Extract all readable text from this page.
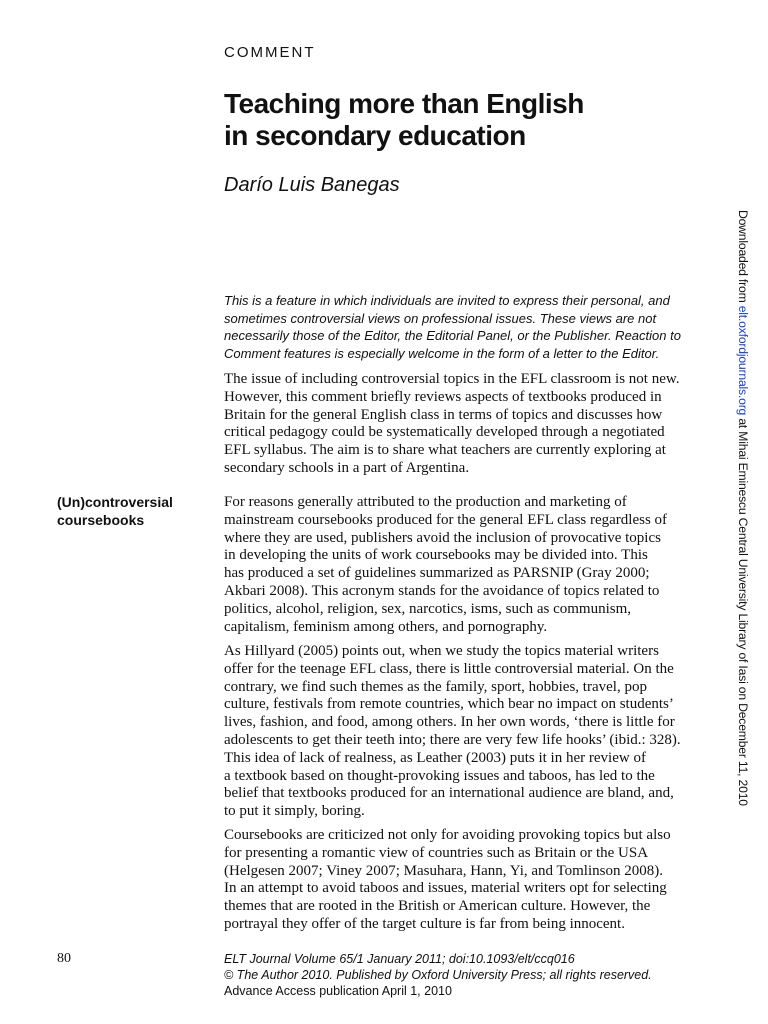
COMMENT

Teaching more than English
in secondary education

Darío Luis Banegas

This is a feature in which individuals are invited to express their personal, and
sometimes controversial views on professional issues. These views are not
necessarily those of the Editor, the Editorial Panel, or the Publisher. Reaction to
Comment features is especially welcome in the form of a letter to the Editor.
The issue of including controversial topics in the EFL classroom is not new.
However, this comment briefly reviews aspects of textbooks produced in
Britain for the general English class in terms of topics and discusses how
critical pedagogy could be systematically developed through a negotiated
EFL syllabus. The aim is to share what teachers are currently exploring at
secondary schools in a part of Argentina.
(Un)controversial
coursebooks
For reasons generally attributed to the production and marketing of
mainstream coursebooks produced for the general EFL class regardless of
where they are used, publishers avoid the inclusion of provocative topics
in developing the units of work coursebooks may be divided into. This
has produced a set of guidelines summarized as PARSNIP (Gray 2000;
Akbari 2008). This acronym stands for the avoidance of topics related to
politics, alcohol, religion, sex, narcotics, isms, such as communism,
capitalism, feminism among others, and pornography.
As Hillyard (2005) points out, when we study the topics material writers
offer for the teenage EFL class, there is little controversial material. On the
contrary, we find such themes as the family, sport, hobbies, travel, pop
culture, festivals from remote countries, which bear no impact on students’
lives, fashion, and food, among others. In her own words, ‘there is little for
adolescents to get their teeth into; there are very few life hooks’ (ibid.: 328).
This idea of lack of realness, as Leather (2003) puts it in her review of
a textbook based on thought-provoking issues and taboos, has led to the
belief that textbooks produced for an international audience are bland, and,
to put it simply, boring.
Coursebooks are criticized not only for avoiding provoking topics but also
for presenting a romantic view of countries such as Britain or the USA
(Helgesen 2007; Viney 2007; Masuhara, Hann, Yi, and Tomlinson 2008).
In an attempt to avoid taboos and issues, material writers opt for selecting
themes that are rooted in the British or American culture. However, the
portrayal they offer of the target culture is far from being innocent.

80	ELT Journal Volume 65/1 January 2011; doi:10.1093/elt/ccq016
© The Author 2010. Published by Oxford University Press; all rights reserved.
Advance Access publication April 1, 2010
Downloaded from elt.oxfordjournals.org at Mihai Eminescu Central University Library of Iasi on December 11, 2010
